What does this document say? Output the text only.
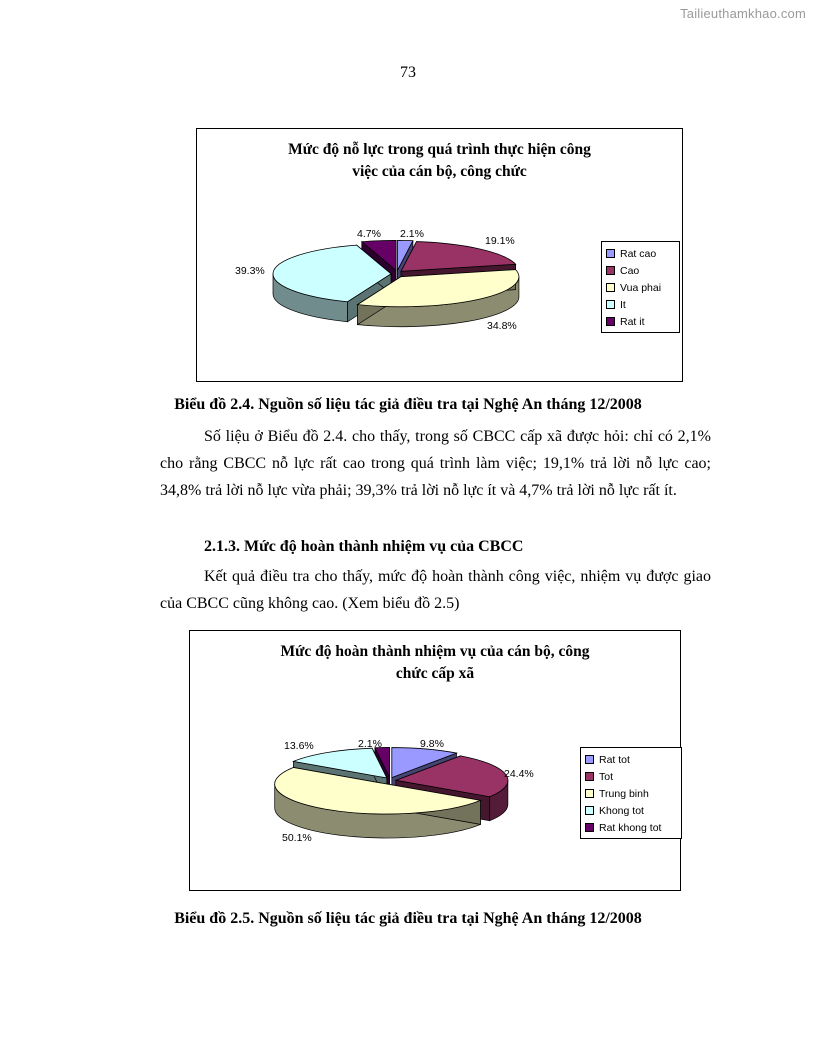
Tailieuthamkhao.com
73
Mức độ nỗ lực trong quá trình thực hiện công
việc của cán bộ, công chức
2.1%
19.1%
34.8%
39.3%
4.7%
Rat cao
Cao
Vua phai
It
Rat it
Biểu đồ 2.4. Nguồn số liệu tác giả điều tra tại Nghệ An tháng 12/2008
Số liệu ở Biểu đồ 2.4. cho thấy, trong số CBCC cấp xã được hỏi: chỉ có 2,1% cho rằng CBCC nỗ lực rất cao trong quá trình làm việc; 19,1% trả lời nỗ lực cao; 34,8% trả lời nỗ lực vừa phải; 39,3% trả lời nỗ lực ít và 4,7% trả lời nỗ lực rất ít.
2.1.3. Mức độ hoàn thành nhiệm vụ của CBCC
Kết quả điều tra cho thấy, mức độ hoàn thành công việc, nhiệm vụ được giao của CBCC cũng không cao. (Xem biểu đồ 2.5)
Mức độ hoàn thành nhiệm vụ của cán bộ, công
chức cấp xã
9.8%
24.4%
50.1%
13.6%	2.1%
Rat tot
Tot
Trung binh
Khong tot
Rat khong tot
Biểu đồ 2.5. Nguồn số liệu tác giả điều tra tại Nghệ An tháng 12/2008
